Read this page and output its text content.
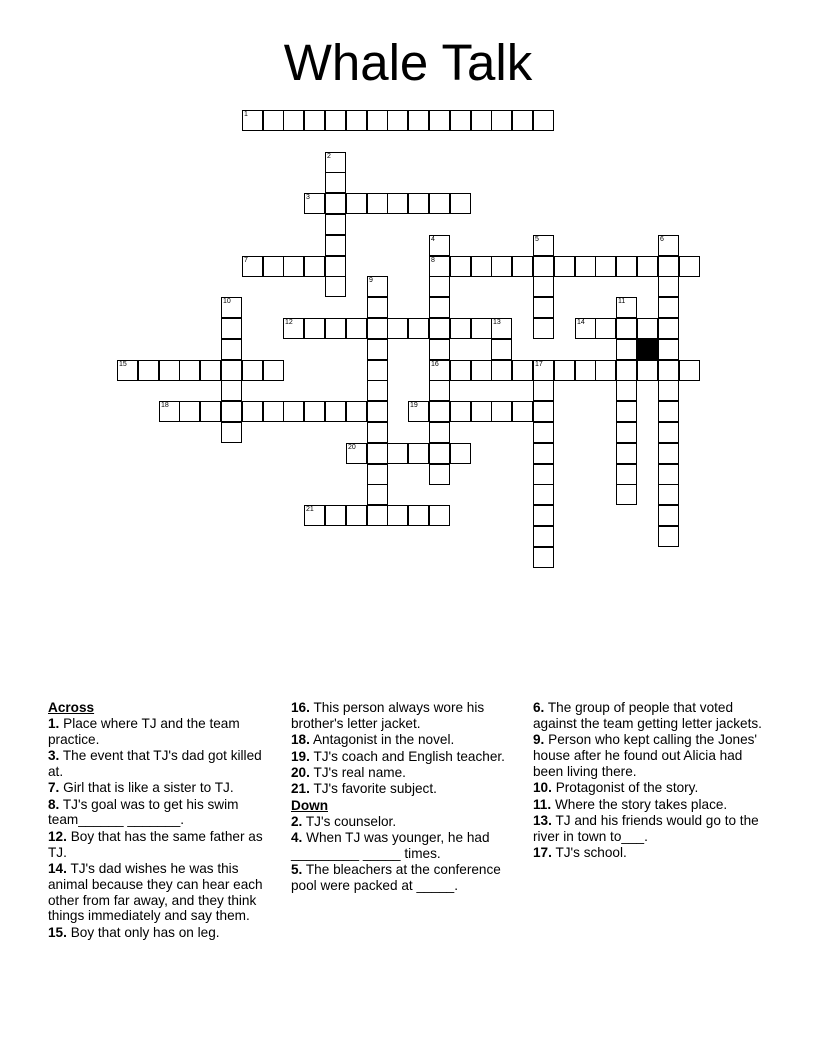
Whale Talk
1
2
3
4
8
16
5	6
7
9
10	11
12	13	14
15	17
18	19
20
21
Across
1. Place where TJ and the team practice.
3. The event that TJ's dad got killed at.
7. Girl that is like a sister to TJ.
8. TJ's goal was to get his swim team______ _______.
12. Boy that has the same father as TJ.
14. TJ's dad wishes he was this animal because they can hear each other from far away, and they think things immediately and say them.
15. Boy that only has on leg.
16. This person always wore his brother's letter jacket.
18. Antagonist in the novel.
19. TJ's coach and English teacher.
20. TJ's real name.
21. TJ's favorite subject.
Down
2. TJ's counselor.
4. When TJ was younger, he had _________ _____ times.
5. The bleachers at the conference pool were packed at _____.
6. The group of people that voted against the team getting letter jackets.
9. Person who kept calling the Jones' house after he found out Alicia had been living there.
10. Protagonist of the story.
11. Where the story takes place.
13. TJ and his friends would go to the river in town to___.
17. TJ's school.
